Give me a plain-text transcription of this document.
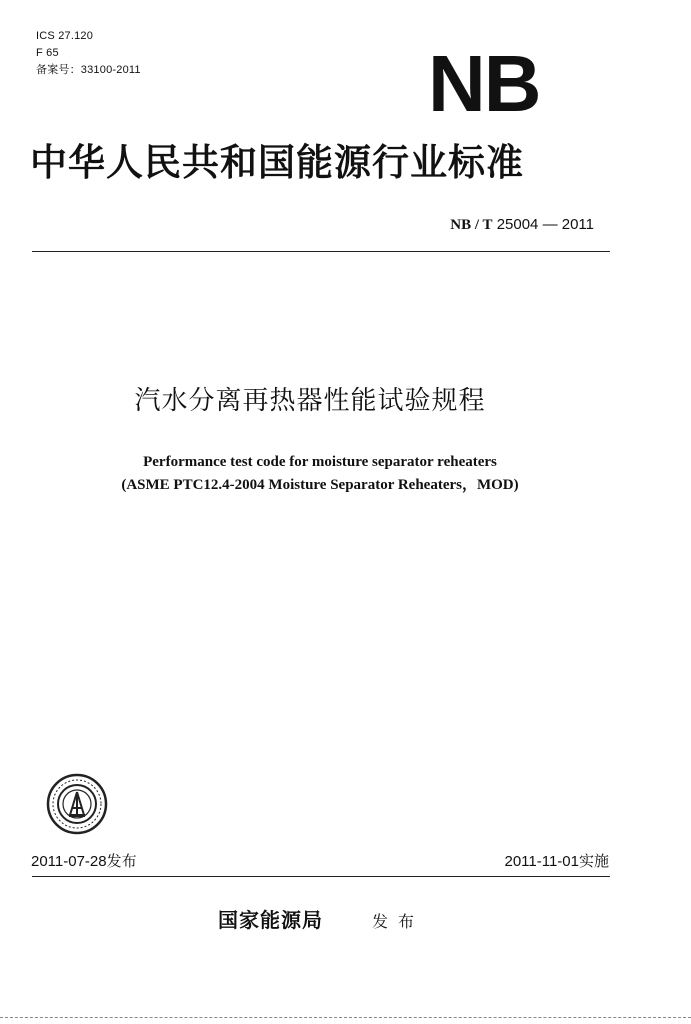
ICS 27.120
F 65
备案号：33100-2011	NB
中华人民共和国能源行业标准
NB / T 25004 — 2011
汽水分离再热器性能试验规程
Performance test code for moisture separator reheaters
(ASME PTC12.4-2004 Moisture Separator Reheaters，MOD)
2011-07-28发布	2011-11-01实施
国家能源局	发布
